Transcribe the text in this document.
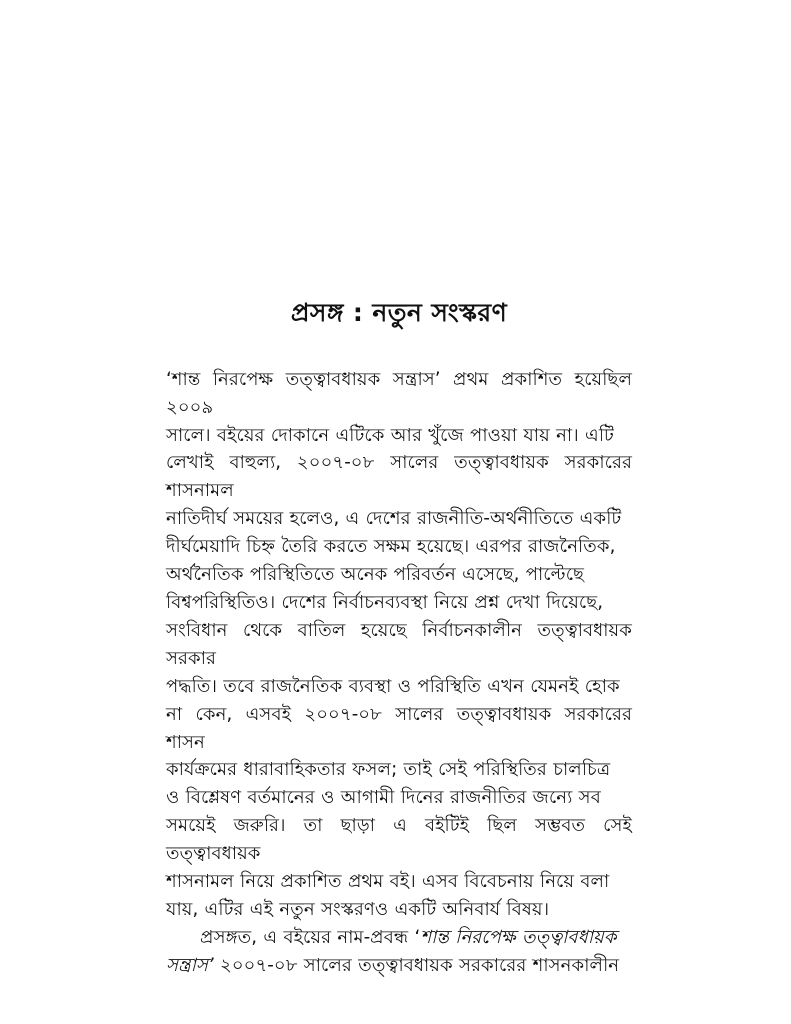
প্রসঙ্গ : নতুন সংস্করণ

‘শান্ত নিরপেক্ষ তত্ত্বাবধায়ক সন্ত্রাস’ প্রথম প্রকাশিত হয়েছিল ২০০৯
সালে। বইয়ের দোকানে এটিকে আর খুঁজে পাওয়া যায় না। এটি
লেখাই বাহুল্য, ২০০৭-০৮ সালের তত্ত্বাবধায়ক সরকারের শাসনামল
নাতিদীর্ঘ সময়ের হলেও, এ দেশের রাজনীতি-অর্থনীতিতে একটি
দীর্ঘমেয়াদি চিহ্ন তৈরি করতে সক্ষম হয়েছে। এরপর রাজনৈতিক,
অর্থনৈতিক পরিস্থিতিতে অনেক পরিবর্তন এসেছে, পাল্টেছে
বিশ্বপরিস্থিতিও। দেশের নির্বাচনব্যবস্থা নিয়ে প্রশ্ন দেখা দিয়েছে,
সংবিধান থেকে বাতিল হয়েছে নির্বাচনকালীন তত্ত্বাবধায়ক সরকার
পদ্ধতি। তবে রাজনৈতিক ব্যবস্থা ও পরিস্থিতি এখন যেমনই হোক
না কেন, এসবই ২০০৭-০৮ সালের তত্ত্বাবধায়ক সরকারের শাসন
কার্যক্রমের ধারাবাহিকতার ফসল; তাই সেই পরিস্থিতির চালচিত্র
ও বিশ্লেষণ বর্তমানের ও আগামী দিনের রাজনীতির জন্যে সব
সময়েই জরুরি। তা ছাড়া এ বইটিই ছিল সম্ভবত সেই তত্ত্বাবধায়ক
শাসনামল নিয়ে প্রকাশিত প্রথম বই। এসব বিবেচনায় নিয়ে বলা
যায়, এটির এই নতুন সংস্করণও একটি অনিবার্য বিষয়।

প্রসঙ্গত, এ বইয়ের নাম-প্রবন্ধ ‘শান্ত নিরপেক্ষ তত্ত্বাবধায়ক
সন্ত্রাস’ ২০০৭-০৮ সালের তত্ত্বাবধায়ক সরকারের শাসনকালীন
